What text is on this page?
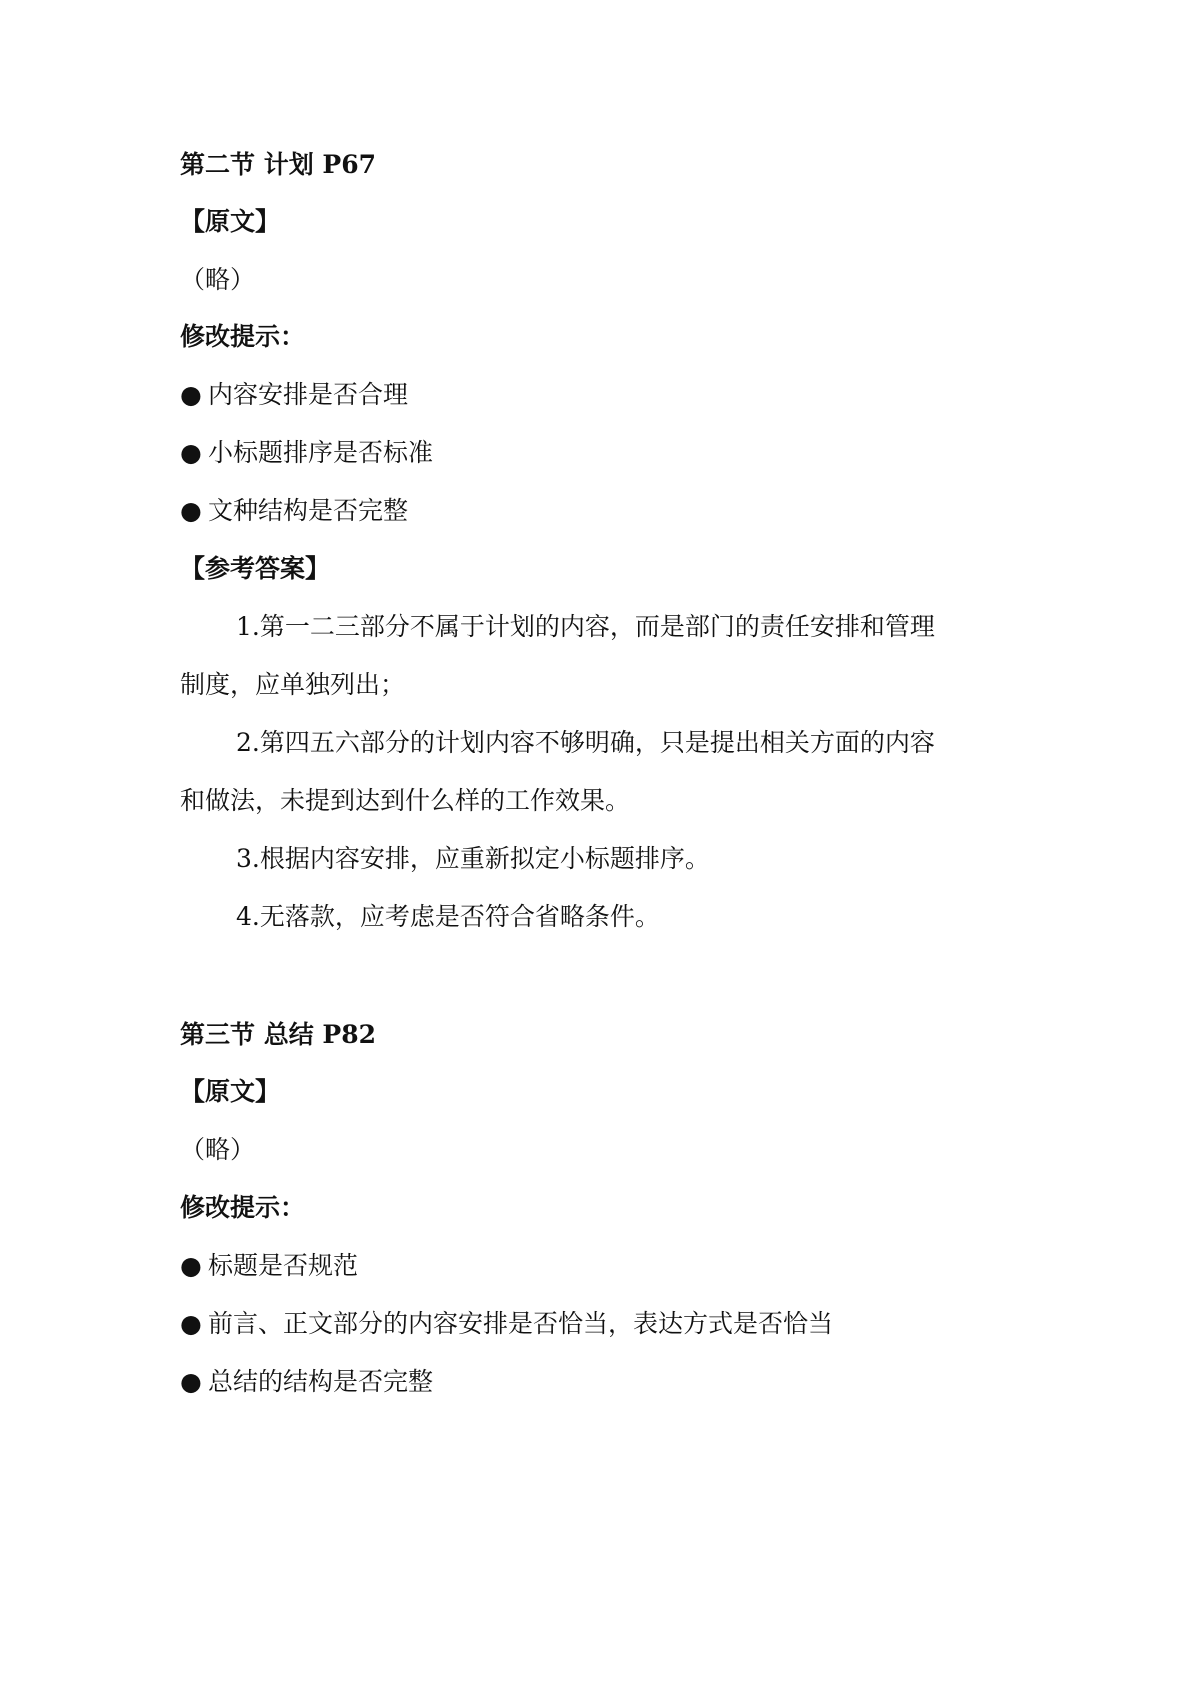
第二节 计划 P67
【原文】
（略）
修改提示：
● 内容安排是否合理
● 小标题排序是否标准
● 文种结构是否完整
【参考答案】
1.第一二三部分不属于计划的内容，而是部门的责任安排和管理
制度，应单独列出；
2.第四五六部分的计划内容不够明确，只是提出相关方面的内容
和做法，未提到达到什么样的工作效果。
3.根据内容安排，应重新拟定小标题排序。
4.无落款，应考虑是否符合省略条件。
第三节 总结 P82
【原文】
（略）
修改提示：
● 标题是否规范
● 前言、正文部分的内容安排是否恰当，表达方式是否恰当
● 总结的结构是否完整
